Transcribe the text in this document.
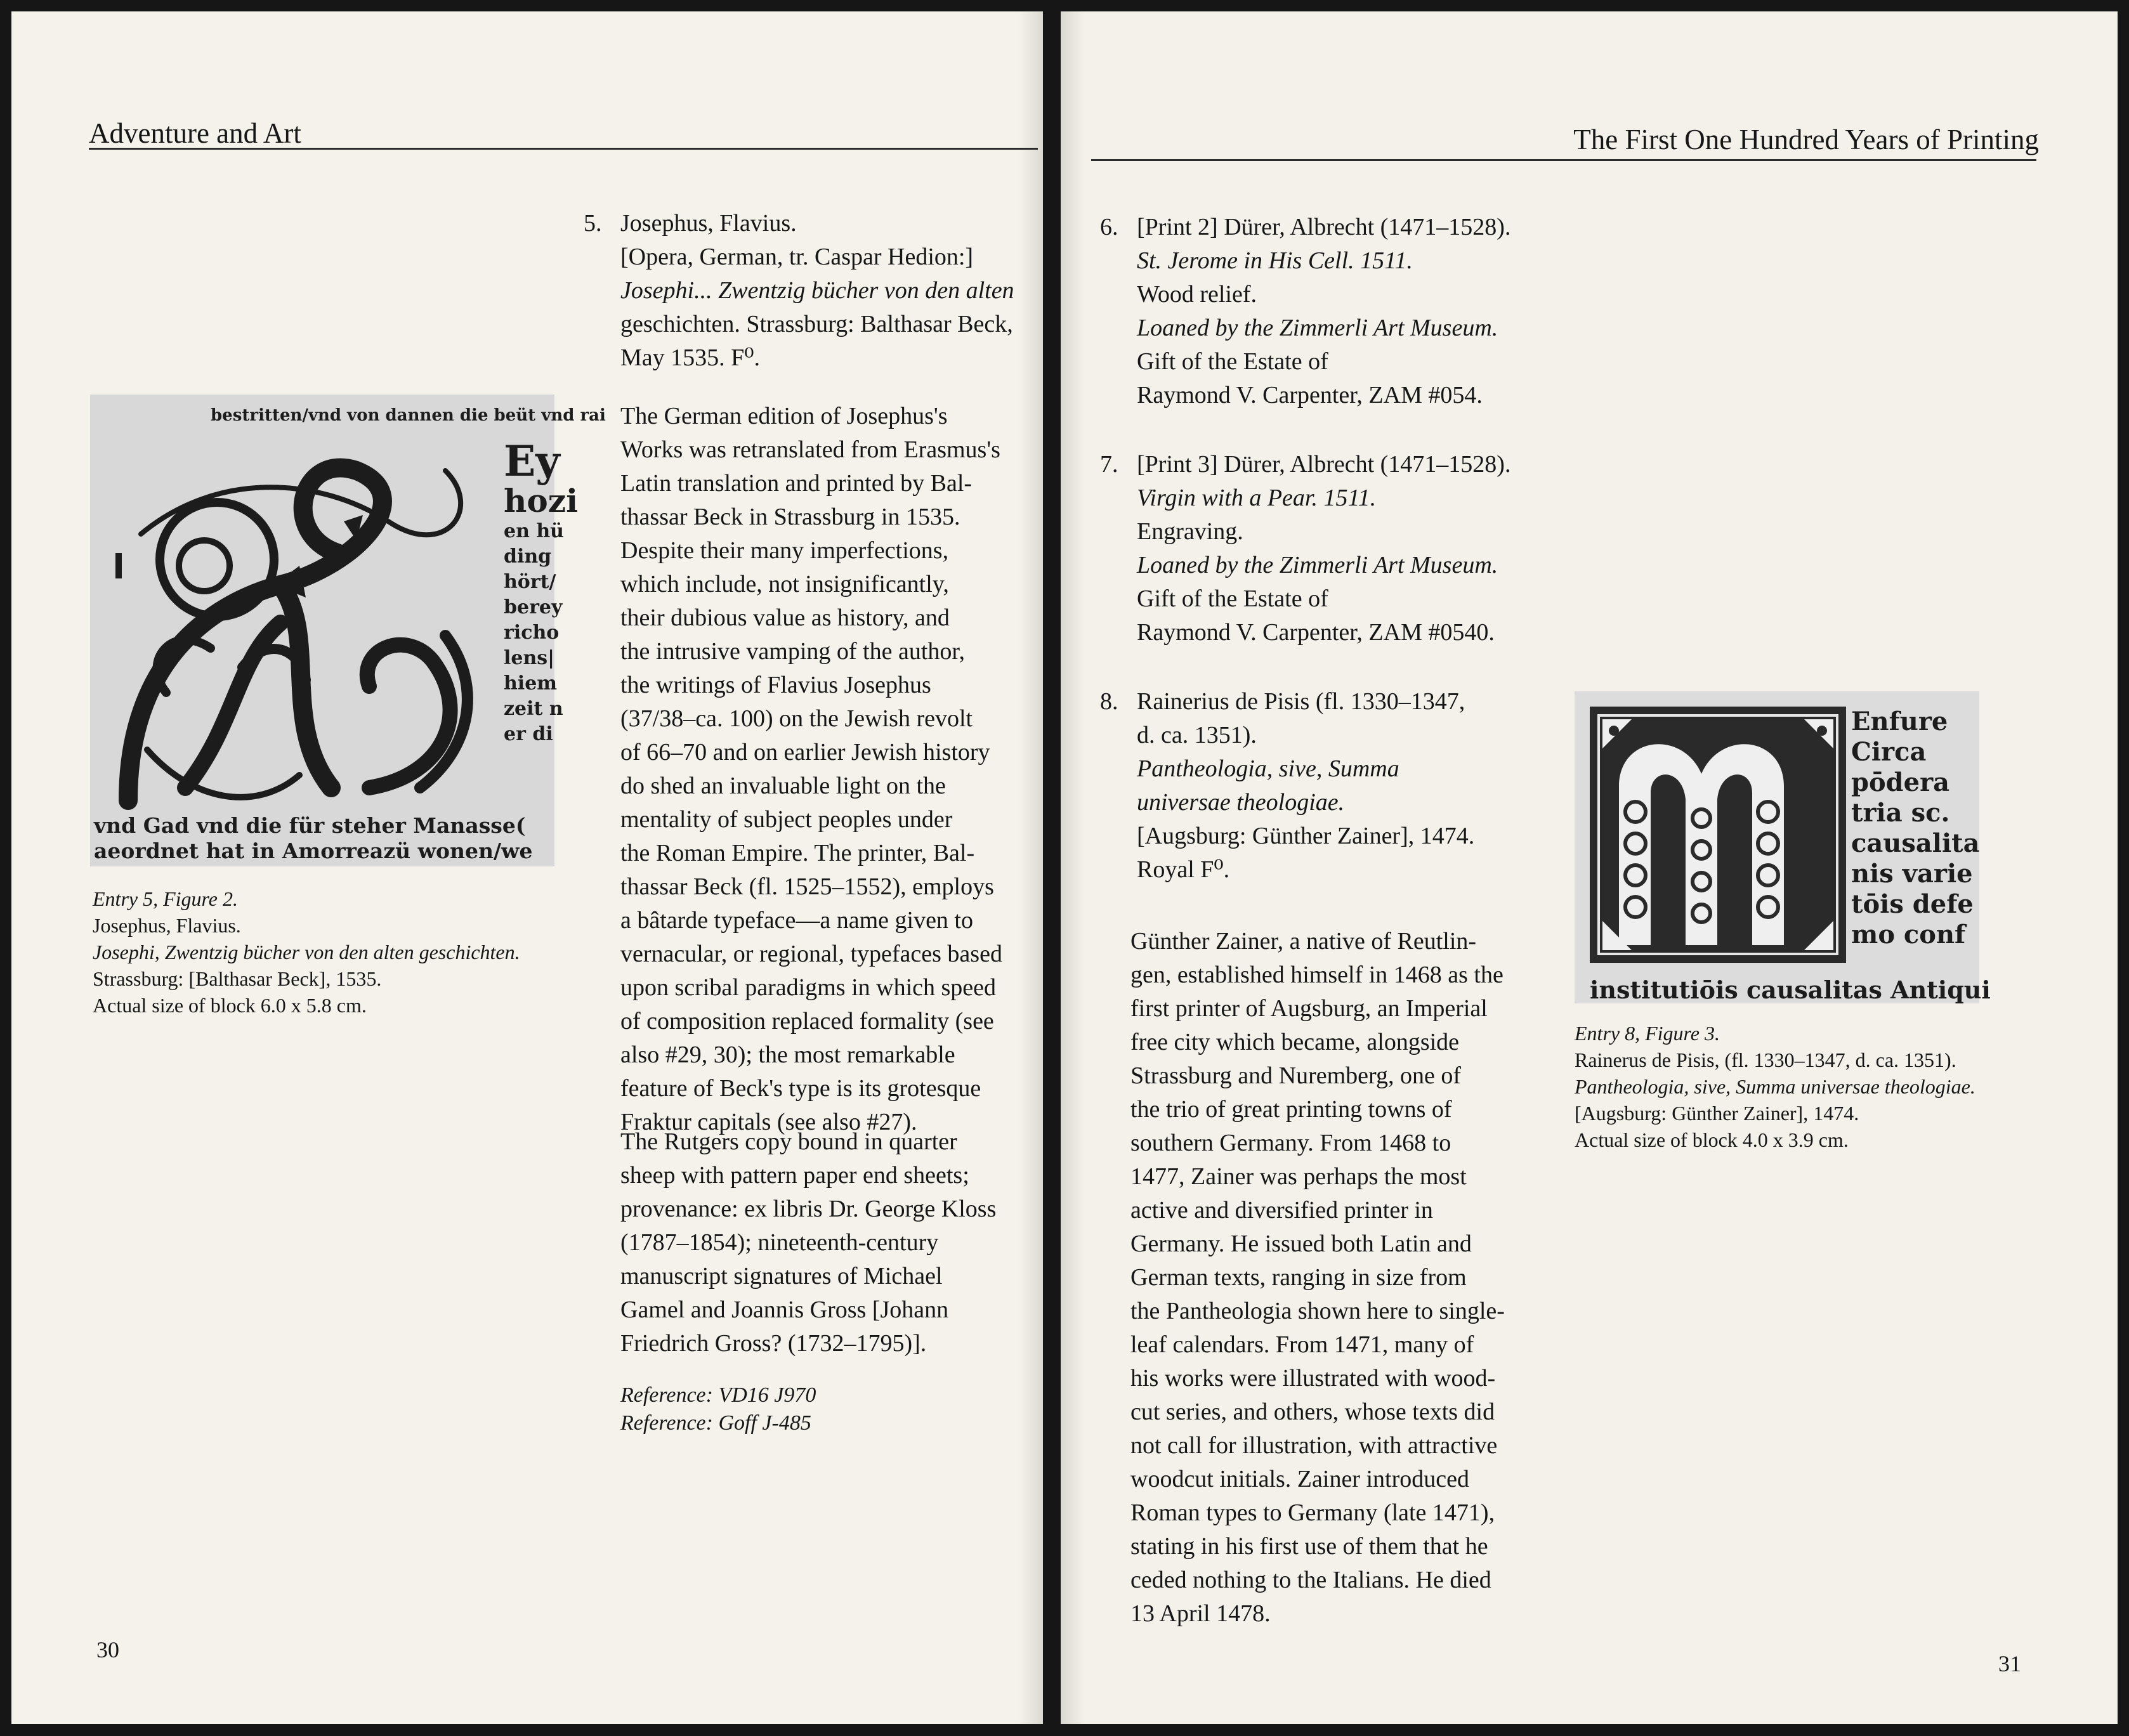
Adventure and Art
bestritten/vnd von dannen die beüt vnd rai
Ey
hozi
en hü
ding
hört/
berey
richo
lens|
hiem
zeit n
er di
vnd Gad vnd die für steher Manasse(
aeordnet hat in Amorreazü wonen/we

Entry 5, Figure 2.

Josephus, Flavius.

Josephi, Zwentzig bücher von den alten geschichten.

Strassburg: [Balthasar Beck], 1535.

Actual size of block 6.0 x 5.8 cm.

5. Josephus, Flavius.

[Opera, German, tr. Caspar Hedion:]

Josephi... Zwentzig bücher von den alten

geschichten. Strassburg: Balthasar Beck,

May 1535. F⁰.

The German edition of Josephus's

Works was retranslated from Erasmus's

Latin translation and printed by Bal-

thassar Beck in Strassburg in 1535.

Despite their many imperfections,

which include, not insignificantly,

their dubious value as history, and

the intrusive vamping of the author,

the writings of Flavius Josephus

(37/38–ca. 100) on the Jewish revolt

of 66–70 and on earlier Jewish history

do shed an invaluable light on the

mentality of subject peoples under

the Roman Empire. The printer, Bal-

thassar Beck (fl. 1525–1552), employs

a bâtarde typeface—a name given to

vernacular, or regional, typefaces based

upon scribal paradigms in which speed

of composition replaced formality (see

also #29, 30); the most remarkable

feature of Beck's type is its grotesque

Fraktur capitals (see also #27).

The Rutgers copy bound in quarter

sheep with pattern paper end sheets;

provenance: ex libris Dr. George Kloss

(1787–1854); nineteenth-century

manuscript signatures of Michael

Gamel and Joannis Gross [Johann

Friedrich Gross? (1732–1795)].

Reference: VD16 J970

Reference: Goff J-485

30
The First One Hundred Years of Printing
6. [Print 2] Dürer, Albrecht (1471–1528).

St. Jerome in His Cell. 1511.

Wood relief.

Loaned by the Zimmerli Art Museum.

Gift of the Estate of

Raymond V. Carpenter, ZAM #054.

7. [Print 3] Dürer, Albrecht (1471–1528).

Virgin with a Pear. 1511.

Engraving.

Loaned by the Zimmerli Art Museum.

Gift of the Estate of

Raymond V. Carpenter, ZAM #0540.

8. Rainerius de Pisis (fl. 1330–1347,

d. ca. 1351).

Pantheologia, sive, Summa

universae theologiae.

[Augsburg: Günther Zainer], 1474.

Royal F⁰.

Günther Zainer, a native of Reutlin-

gen, established himself in 1468 as the

first printer of Augsburg, an Imperial

free city which became, alongside

Strassburg and Nuremberg, one of

the trio of great printing towns of

southern Germany. From 1468 to

1477, Zainer was perhaps the most

active and diversified printer in

Germany. He issued both Latin and

German texts, ranging in size from

the Pantheologia shown here to single-

leaf calendars. From 1471, many of

his works were illustrated with wood-

cut series, and others, whose texts did

not call for illustration, with attractive

woodcut initials. Zainer introduced

Roman types to Germany (late 1471),

stating in his first use of them that he

ceded nothing to the Italians. He died

13 April 1478.

Enfure
Circa
pōdera
tria sc.
causalita
nis varie
tōis defe
mo conf
institutiōis causalitas Antiqui

Entry 8, Figure 3.

Rainerus de Pisis, (fl. 1330–1347, d. ca. 1351).

Pantheologia, sive, Summa universae theologiae.

[Augsburg: Günther Zainer], 1474.

Actual size of block 4.0 x 3.9 cm.

31
